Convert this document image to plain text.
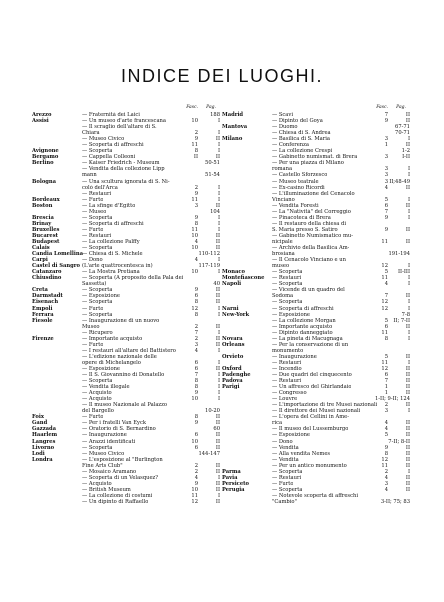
INDICE DEI LUOGHI.
Fasc. Pag.
Arezzo	— Fraternità dei Laici	188
Assisi	— Un museo d'arte francescana	10	I
— Il scraglio dell'altare di S.
Chiara	2	I
— Museo Civico	9	II
— Scoperta di affreschi	11	I
Avignone	— Scoperta	8	I
Bergamo	— Cappella Colleoni	II	II
Berlino	— Kaiser Friedrich - Museum	50-51
— Vendita della collezione Lipp
mann	51-54
Bologna	— Una scultura ignorata di S. Ni-
colò dell'Arca	2	I
— Restauri	9	I
Bordeaux	— Furto	11	I
Boston	— La sfinge d'Egitto	3	II
— Museo	104
Brescia	— Scoperta	9	I
Brinay	— Scoperta di affreschi	8	I
Bruxelles	— Furto	11	I
Bucarest	— Restauri	10	II
Budapest	— La collezione Palffy	4	II
Calais	— Scoperta	10	II
Candia Lomellina — Chiesa di S. Michele	110-112
Carpi	— Dono	4	I
Castel di Sangro (L'arte quattrocentesca in)	117-119
Catanzaro	— La Mostra Pretiana	10	I
Chiusdino	— Scoperta (A proposito della Pala dei
Sassetta)	40
Creta	— Scoperta	9	II
Darmstadt	— Esposizione	6	II
Eisenach	— Scoperta	8	II
Empoli	— Furto	12	I
Ferrara	— Scoperta	8	I
Fiesole	— Inaugurazione di un nuovo
Museo	2	II
— Ricupero	7	I
Firenze	— Importante acquisto	2	II
— Furto	3	II
— I restauri all'altare del Battistero	4	I
— L'edizione nazionale delle
opere di Michelangelo	6	I
— Esposizione	6	II
— Il S. Giovannino di Donatello	7	I
— Scoperta	8	I
— Vendita illegale	8	I
— Acquisto	9	I
— Acquisto	10	I
— Il museo Nazionale al Palazzo
del Bargello	10-20
Foix	— Furto	8	II
Gand	— Per i fratelli Van Eyck	9	II
Gazzada	— Oratorio di S. Bernardino	60
Haarlem	— Inaugurazione	6	II
Langres	— Arazzi identificati	10	II
Livorno	— Scoperta	6	II
Lodi	— Museo Civico	144-147
Londra	— L'esposizione al "Burlington
Fine Arts Club"	2	II
— Mosaico Aramano	2	II
— Scoperta di un Velasquez?	4	I
— Acquisto	9	II
— British Museum	10	II
— La collezione di costumi	11	I
— Un dipinto di Raffaello	12	II
Fasc. Pag.
Madrid	— Scavi	7	II
— Dipinto del Goya	9	II
Mantova	— Duomo	67-71
— Chiesa di S. Andrea	70-71
Milano	— Basilica di S. Maria	3	I
— Conferenza	1	II
— La collezione Crespi	1-2
— Gabinetto numismat. di Brera	3	I-II
— Per una piazza di Milano
romana	3	I
— Castello Sforzesco	3	I
— Museo teatrale	3 II;48-49
— Ex-casino Ricordi	4	II
— L'illuminazione del Cenacolo
Vinciano	5	I
— Vendita Foresti	6	II
— La "Natività" del Correggio	7	I
— Pinacoteca di Brera	9	I
— Il restauro della chiesa di
S. Maria presso S. Satiro	9	II
— Gabinetto Numismatico mu-
nicipale	11	II
— Archivio della Basilica Am-
brosiana	191-194
— Il Cenacolo Vinciano e un
museo	12	I
Monaco	— Scoperta	5 II-III
Montefiascone — Restauri	11	I
Napoli	— Scoperta	4	I
— Vicende di un quadro del
Sodoma	7	II
— Scoperta	12	I
Narni	— Scoperta di affreschi	12	I
New-York	— Esposizione	7-8
— La collezione Morgan	5 II; 7-II
— Importante acquisto	6	II
— Dipinto danneggiato	11	I
Novara	— La pineta di Macugnaga	8	I
Orleans	— Per la conservazione di un
monumento
Orvieto	— Inaugurazione	5	II
— Restauri	11	I
Oxford	— Incendio	12	II
Padenghe	— Due quadri del cinquecento	6	II
Padova	— Restauri	7	II
Parigi	— Un affresco del Ghirlandaio	1	II
— Congresso	1	II
— Louvre	1-II; 9-II; 124
— L'importazione di tre Musei nazionali 2	II
— Il direttore dei Musei nazionali	3	I
— L'opera del Cellini in Ame-
rica	4	II
— Il museo del Lussemburgo	4	II
— Esposizione	5	II
— Dono	7-II; 8-II
— Vendita	9	II
— Alla vendita Nemes	8	II
— Vendita	12	II
— Per un antico monumento	11	II
Parma	— Scoperta	2	I
Pavia	— Restauri	4	II
Persiceto	— Furto	3	II
Perugia	— Scoperta	4	II
— Notevole scoperta di affreschi
"Cambio"	3-II; 75; 83
